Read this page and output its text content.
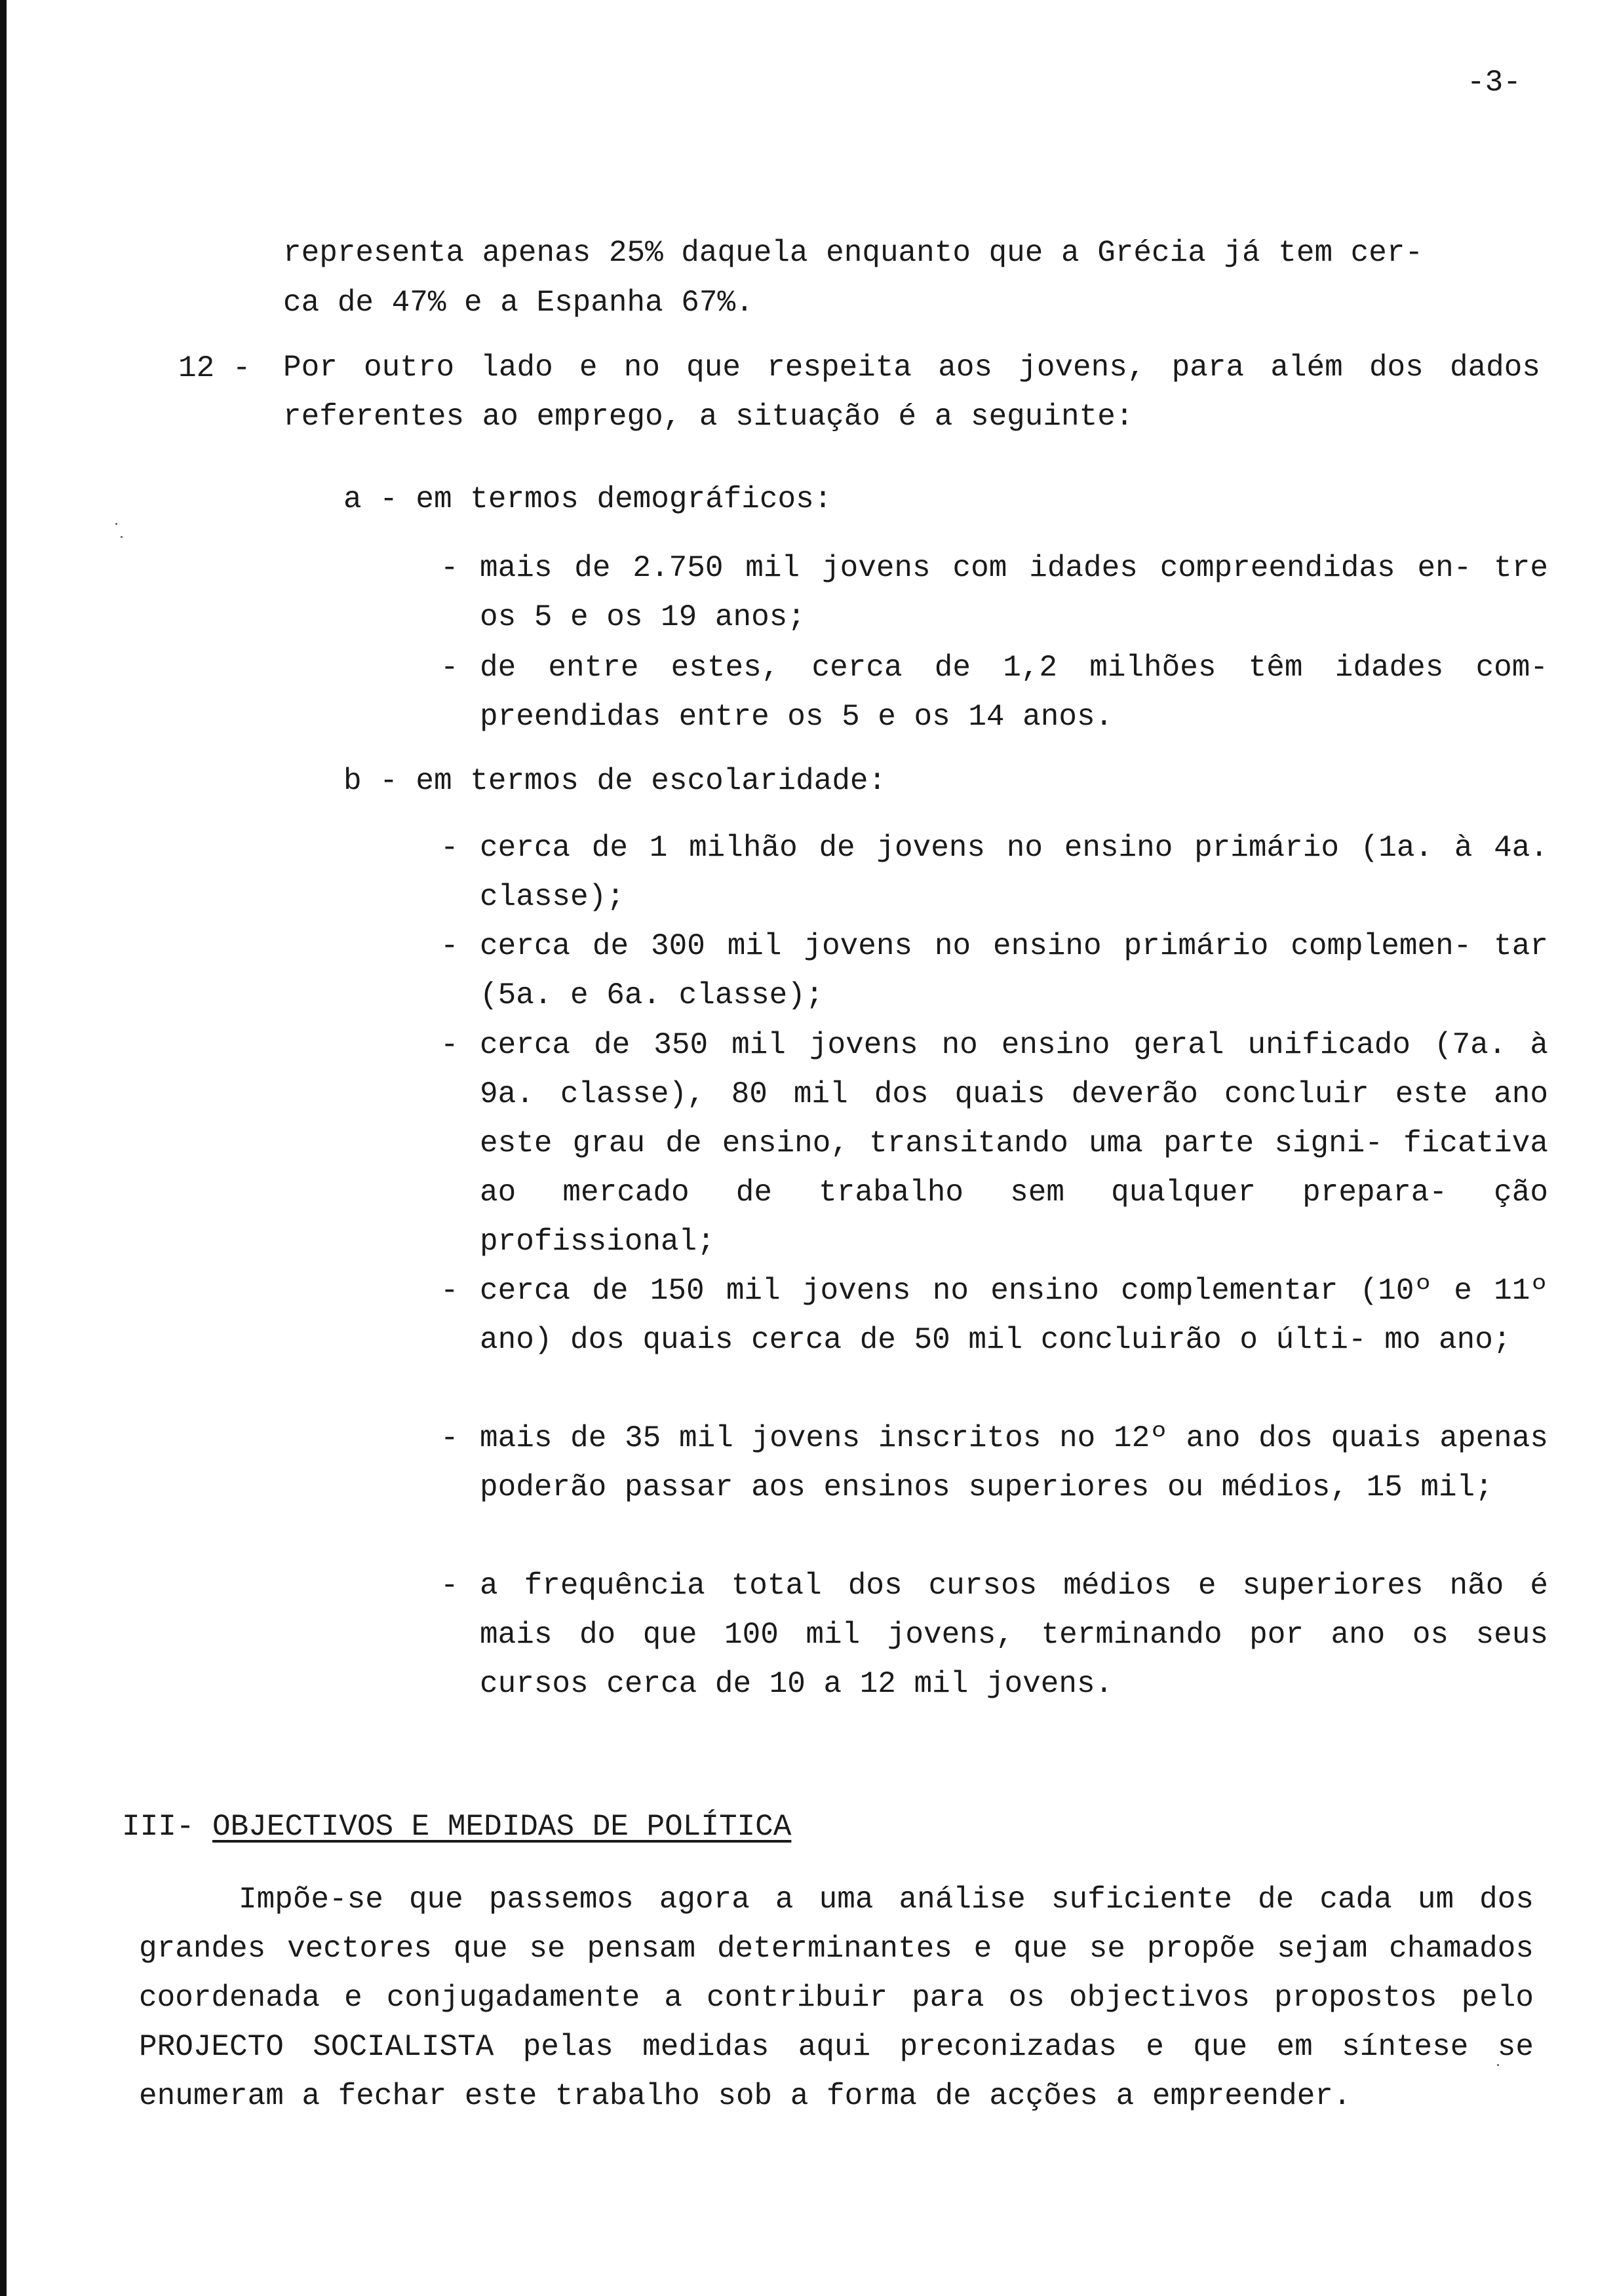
-3-
representa apenas 25% daquela enquanto que a Grécia já tem cer-
ca de 47% e a Espanha 67%.
12 - Por outro lado e no que respeita aos jovens, para além dos dados referentes ao emprego, a situação é a seguinte:
a - em termos demográficos:
- mais de 2.750 mil jovens com idades compreendidas en- tre os 5 e os 19 anos;
- de entre estes, cerca de 1,2 milhões têm idades com- preendidas entre os 5 e os 14 anos.
b - em termos de escolaridade:
- cerca de 1 milhão de jovens no ensino primário (1a. à 4a. classe);
- cerca de 300 mil jovens no ensino primário complemen- tar (5a. e 6a. classe);
- cerca de 350 mil jovens no ensino geral unificado (7a. à 9a. classe), 80 mil dos quais deverão concluir este ano este grau de ensino, transitando uma parte signi- ficativa ao mercado de trabalho sem qualquer prepara- ção profissional;
- cerca de 150 mil jovens no ensino complementar (10º e 11º ano) dos quais cerca de 50 mil concluirão o últi- mo ano;
- mais de 35 mil jovens inscritos no 12º ano dos quais apenas poderão passar aos ensinos superiores ou médios, 15 mil;
- a frequência total dos cursos médios e superiores não é mais do que 100 mil jovens, terminando por ano os seus cursos cerca de 10 a 12 mil jovens.
III- OBJECTIVOS E MEDIDAS DE POLÍTICA
Impõe-se que passemos agora a uma análise suficiente de cada um dos grandes vectores que se pensam determinantes e que se propõe sejam chamados coordenada e conjugadamente a contribuir para os objectivos propostos pelo PROJECTO SOCIALISTA pelas medidas aqui preconizadas e que em síntese se enumeram a fechar este trabalho sob a forma de acções a empreender.
